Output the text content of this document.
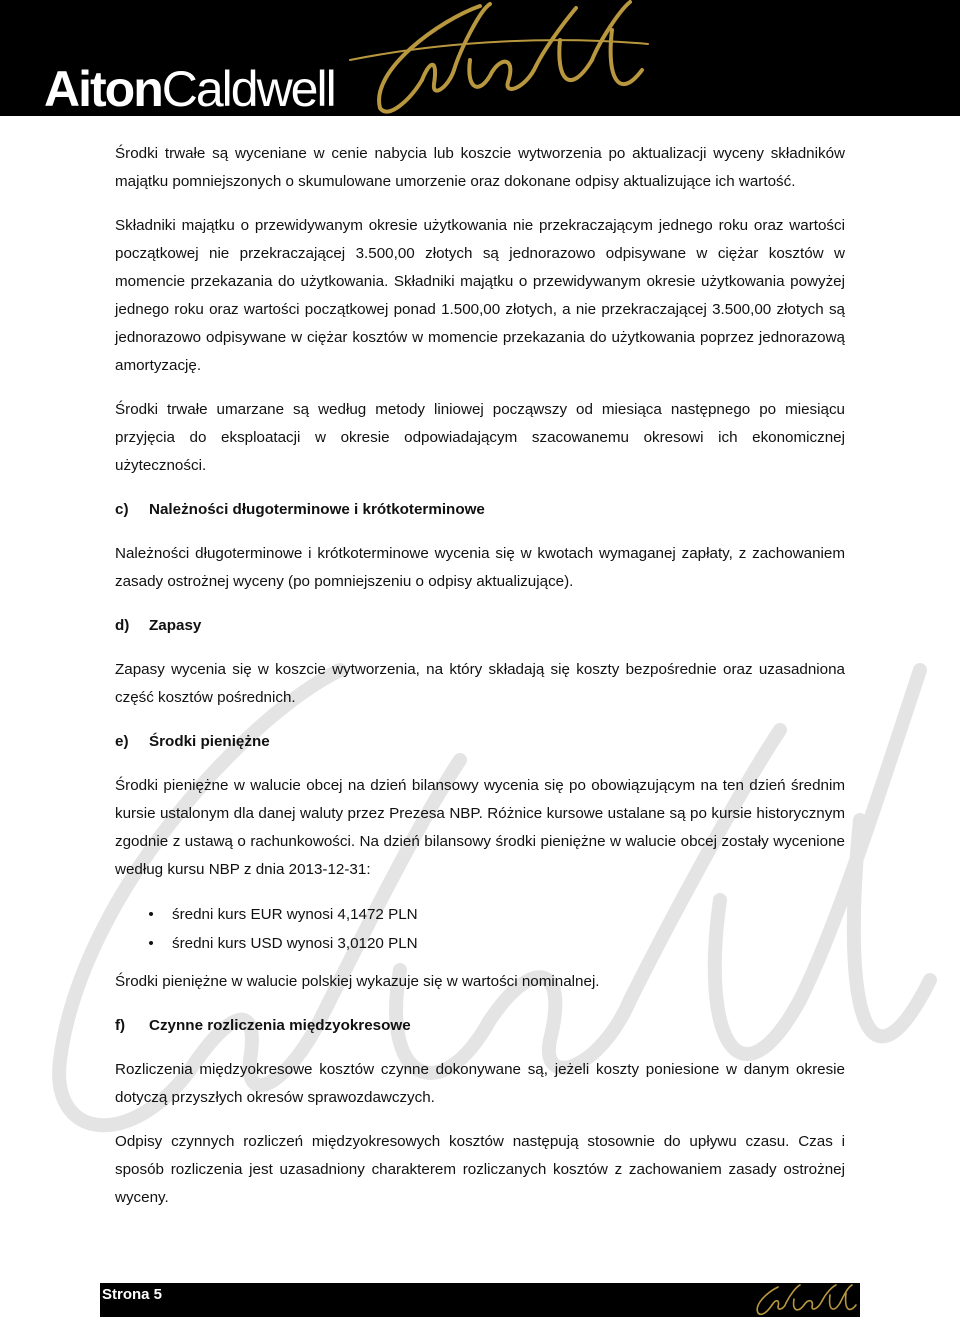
AitonCaldwell

Środki trwałe są wyceniane w cenie nabycia lub koszcie wytworzenia po aktualizacji wyceny składników majątku pomniejszonych o skumulowane umorzenie oraz dokonane odpisy aktualizujące ich wartość.

Składniki majątku o przewidywanym okresie użytkowania nie przekraczającym jednego roku oraz wartości początkowej nie przekraczającej 3.500,00 złotych są jednorazowo odpisywane w ciężar kosztów w momencie przekazania do użytkowania. Składniki majątku o przewidywanym okresie użytkowania powyżej jednego roku oraz wartości początkowej ponad 1.500,00 złotych, a nie przekraczającej 3.500,00 złotych są jednorazowo odpisywane w ciężar kosztów w momencie przekazania do użytkowania poprzez jednorazową amortyzację.

Środki trwałe umarzane są według metody liniowej począwszy od miesiąca następnego po miesiącu przyjęcia do eksploatacji w okresie odpowiadającym szacowanemu okresowi ich ekonomicznej użyteczności.

c) Należności długoterminowe i krótkoterminowe

Należności długoterminowe i krótkoterminowe wycenia się w kwotach wymaganej zapłaty, z zachowaniem zasady ostrożnej wyceny (po pomniejszeniu o odpisy aktualizujące).

d) Zapasy

Zapasy wycenia się w koszcie wytworzenia, na który składają się koszty bezpośrednie oraz uzasadniona część kosztów pośrednich.

e) Środki pieniężne

Środki pieniężne w walucie obcej na dzień bilansowy wycenia się po obowiązującym na ten dzień średnim kursie ustalonym dla danej waluty przez Prezesa NBP. Różnice kursowe ustalane są po kursie historycznym zgodnie z ustawą o rachunkowości. Na dzień bilansowy środki pieniężne w walucie obcej zostały wycenione według kursu NBP z dnia 2013-12-31:

• średni kurs EUR wynosi 4,1472 PLN
• średni kurs USD wynosi 3,0120 PLN

Środki pieniężne w walucie polskiej wykazuje się w wartości nominalnej.

f) Czynne rozliczenia międzyokresowe

Rozliczenia międzyokresowe kosztów czynne dokonywane są, jeżeli koszty poniesione w danym okresie dotyczą przyszłych okresów sprawozdawczych.

Odpisy czynnych rozliczeń międzyokresowych kosztów następują stosownie do upływu czasu. Czas i sposób rozliczenia jest uzasadniony charakterem rozliczanych kosztów z zachowaniem zasady ostrożnej wyceny.

Strona 5
